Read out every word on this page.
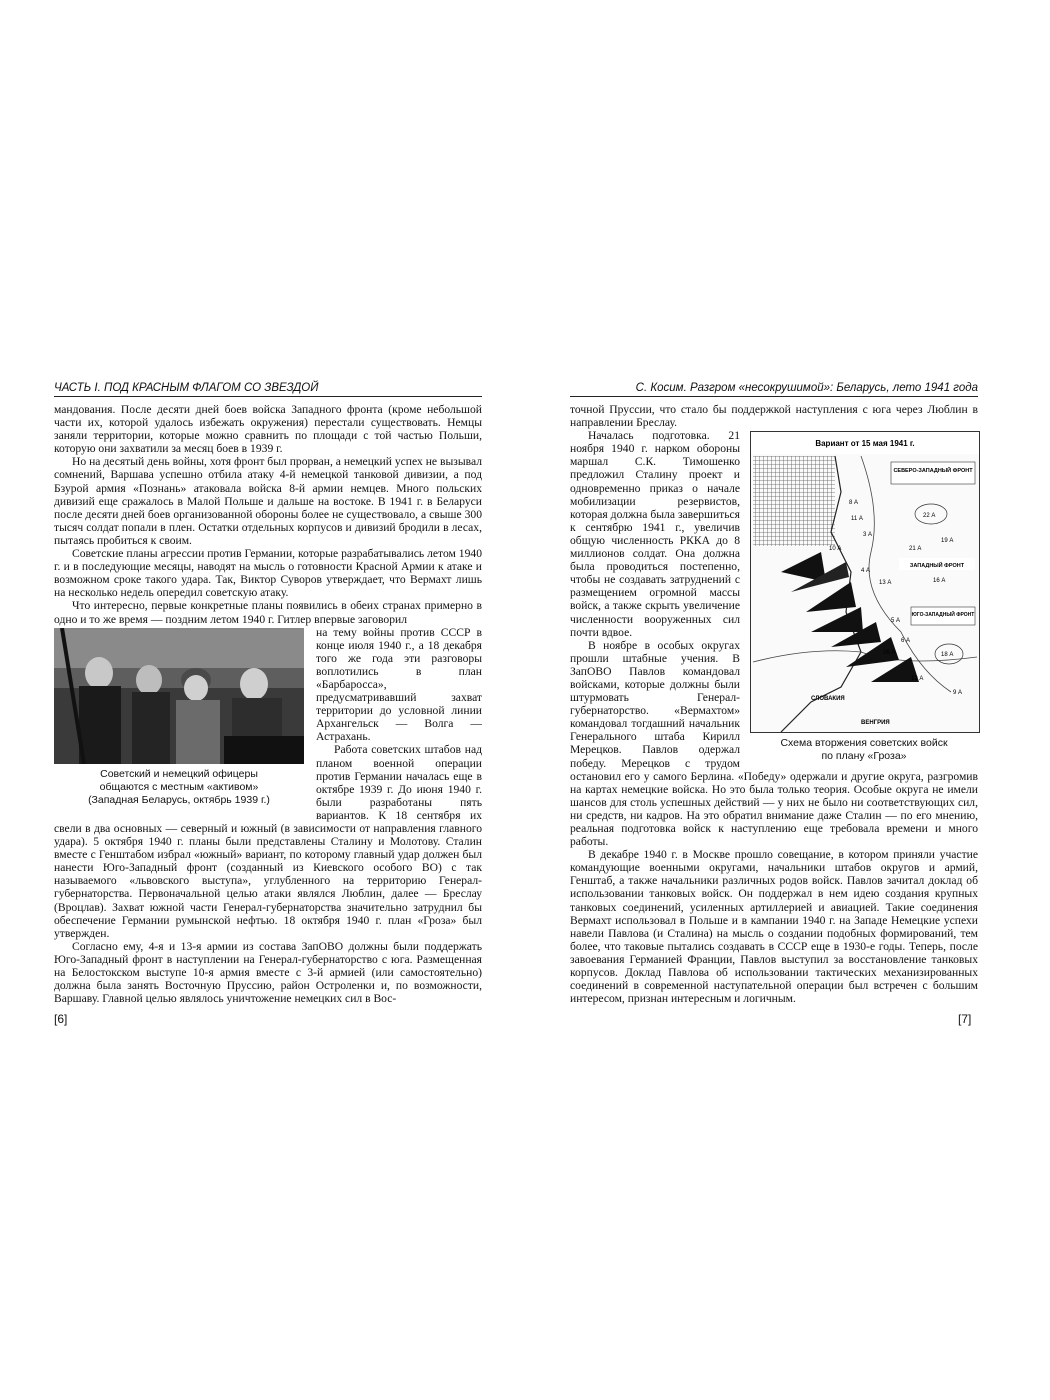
ЧАСТЬ I. ПОД КРАСНЫМ ФЛАГОМ СО ЗВЕЗДОЙ

мандования. После десяти дней боев войска Западного фронта (кроме небольшой части их, которой удалось избежать окружения) перестали существовать. Немцы заняли территории, которые можно сравнить по площади с той частью Польши, которую они захватили за месяц боев в 1939 г.

Но на десятый день войны, хотя фронт был прорван, а немецкий успех не вызывал сомнений, Варшава успешно отбила атаку 4-й немецкой танковой дивизии, а под Бзурой армия «Познань» атаковала войска 8-й армии немцев. Много польских дивизий еще сражалось в Малой Польше и дальше на востоке. В 1941 г. в Беларуси после десяти дней боев организованной обороны более не существовало, а свыше 300 тысяч солдат попали в плен. Остатки отдельных корпусов и дивизий бродили в лесах, пытаясь пробиться к своим.

Советские планы агрессии против Германии, которые разрабатывались летом 1940 г. и в последующие месяцы, наводят на мысль о готовности Красной Армии к атаке и возможном сроке такого удара. Так, Виктор Суворов утверждает, что Вермахт лишь на несколько недель опередил советскую атаку.

Что интересно, первые конкретные планы появились в обеих странах примерно в одно и то же время — поздним летом 1940 г. Гитлер впервые заговорил

Советский и немецкий офицеры
общаются с местным «активом»
(Западная Беларусь, октябрь 1939 г.)

на тему войны против СССР в конце июля 1940 г., а 18 декабря того же года эти разговоры воплотились в план «Барбаросса», предусматривавший захват территории до условной линии Архангельск — Волга — Астрахань.

Работа советских штабов над планом военной операции против Германии началась еще в октябре 1939 г. До июня 1940 г. были разработаны пять вариантов. К 18 сентября их свели в два основных — северный и южный (в зависимости от направления главного удара). 5 октября 1940 г. планы были представлены Сталину и Молотову. Сталин вместе с Генштабом избрал «южный» вариант, по которому главный удар должен был нанести Юго-Западный фронт (созданный из Киевского особого ВО) с так называемого «львовского выступа», углубленного на территорию Генерал-губернаторства. Первоначальной целью атаки являлся Люблин, далее — Бреслау (Вроцлав). Захват южной части Генерал-губернаторства значительно затруднил бы обеспечение Германии румынской нефтью. 18 октября 1940 г. план «Гроза» был утвержден.

Согласно ему, 4-я и 13-я армии из состава ЗапОВО должны были поддержать Юго-Западный фронт в наступлении на Генерал-губернаторство с юга. Размещенная на Белостокском выступе 10-я армия вместе с 3-й армией (или самостоятельно) должна была занять Восточную Пруссию, район Остроленки и, по возможности, Варшаву. Главной целью являлось уничтожение немецких сил в Вос-

[6]
С. Косим. Разгром «несокрушимой»: Беларусь, лето 1941 года

точной Пруссии, что стало бы поддержкой наступления с юга через Люблин в направлении Бреслау.

Вариант от 15 мая 1941 г.
СЕВЕРО-ЗАПАДНЫЙ ФРОНТ
ЗАПАДНЫЙ ФРОНТ
ЮГО-ЗАПАДНЫЙ ФРОНТ
8 А
11 А
3 А
10 А
4 А
13 А
5 А
6 А
26 А
12 А
22 А
19 А
16 А
21 А
18 А
9 А
СЛОВАКИЯ
ВЕНГРИЯ
Схема вторжения советских войск
по плану «Гроза»

Началась подготовка. 21 ноября 1940 г. нарком обороны маршал С.К. Тимошенко предложил Сталину проект и одновременно приказ о начале мобилизации резервистов, которая должна была завершиться к сентябрю 1941 г., увеличив общую численность РККА до 8 миллионов солдат. Она должна была проводиться постепенно, чтобы не создавать затруднений с размещением огромной массы войск, а также скрыть увеличение численности вооруженных сил почти вдвое.

В ноябре в особых округах прошли штабные учения. В ЗапОВО Павлов командовал войсками, которые должны были штурмовать Генерал-губернаторство. «Вермахтом» командовал тогдашний начальник Генерального штаба Кирилл Мерецков. Павлов одержал победу. Мерецков с трудом остановил его у самого Берлина. «Победу» одержали и другие округа, разгромив на картах немецкие войска. Но это была только теория. Особые округа не имели шансов для столь успешных действий — у них не было ни соответствующих сил, ни средств, ни кадров. На это обратил внимание даже Сталин — по его мнению, реальная подготовка войск к наступлению еще требовала времени и много работы.

В декабре 1940 г. в Москве прошло совещание, в котором приняли участие командующие военными округами, начальники штабов округов и армий, Генштаб, а также начальники различных родов войск. Павлов зачитал доклад об использовании танковых войск. Он поддержал в нем идею создания крупных танковых соединений, усиленных артиллерией и авиацией. Такие соединения Вермахт использовал в Польше и в кампании 1940 г. на Западе Немецкие успехи навели Павлова (и Сталина) на мысль о создании подобных формирований, тем более, что таковые пытались создавать в СССР еще в 1930-е годы. Теперь, после завоевания Германией Франции, Павлов выступил за восстановление танковых корпусов. Доклад Павлова об использовании тактических механизированных соединений в современной наступательной операции был встречен с большим интересом, признан интересным и логичным.

[7]
